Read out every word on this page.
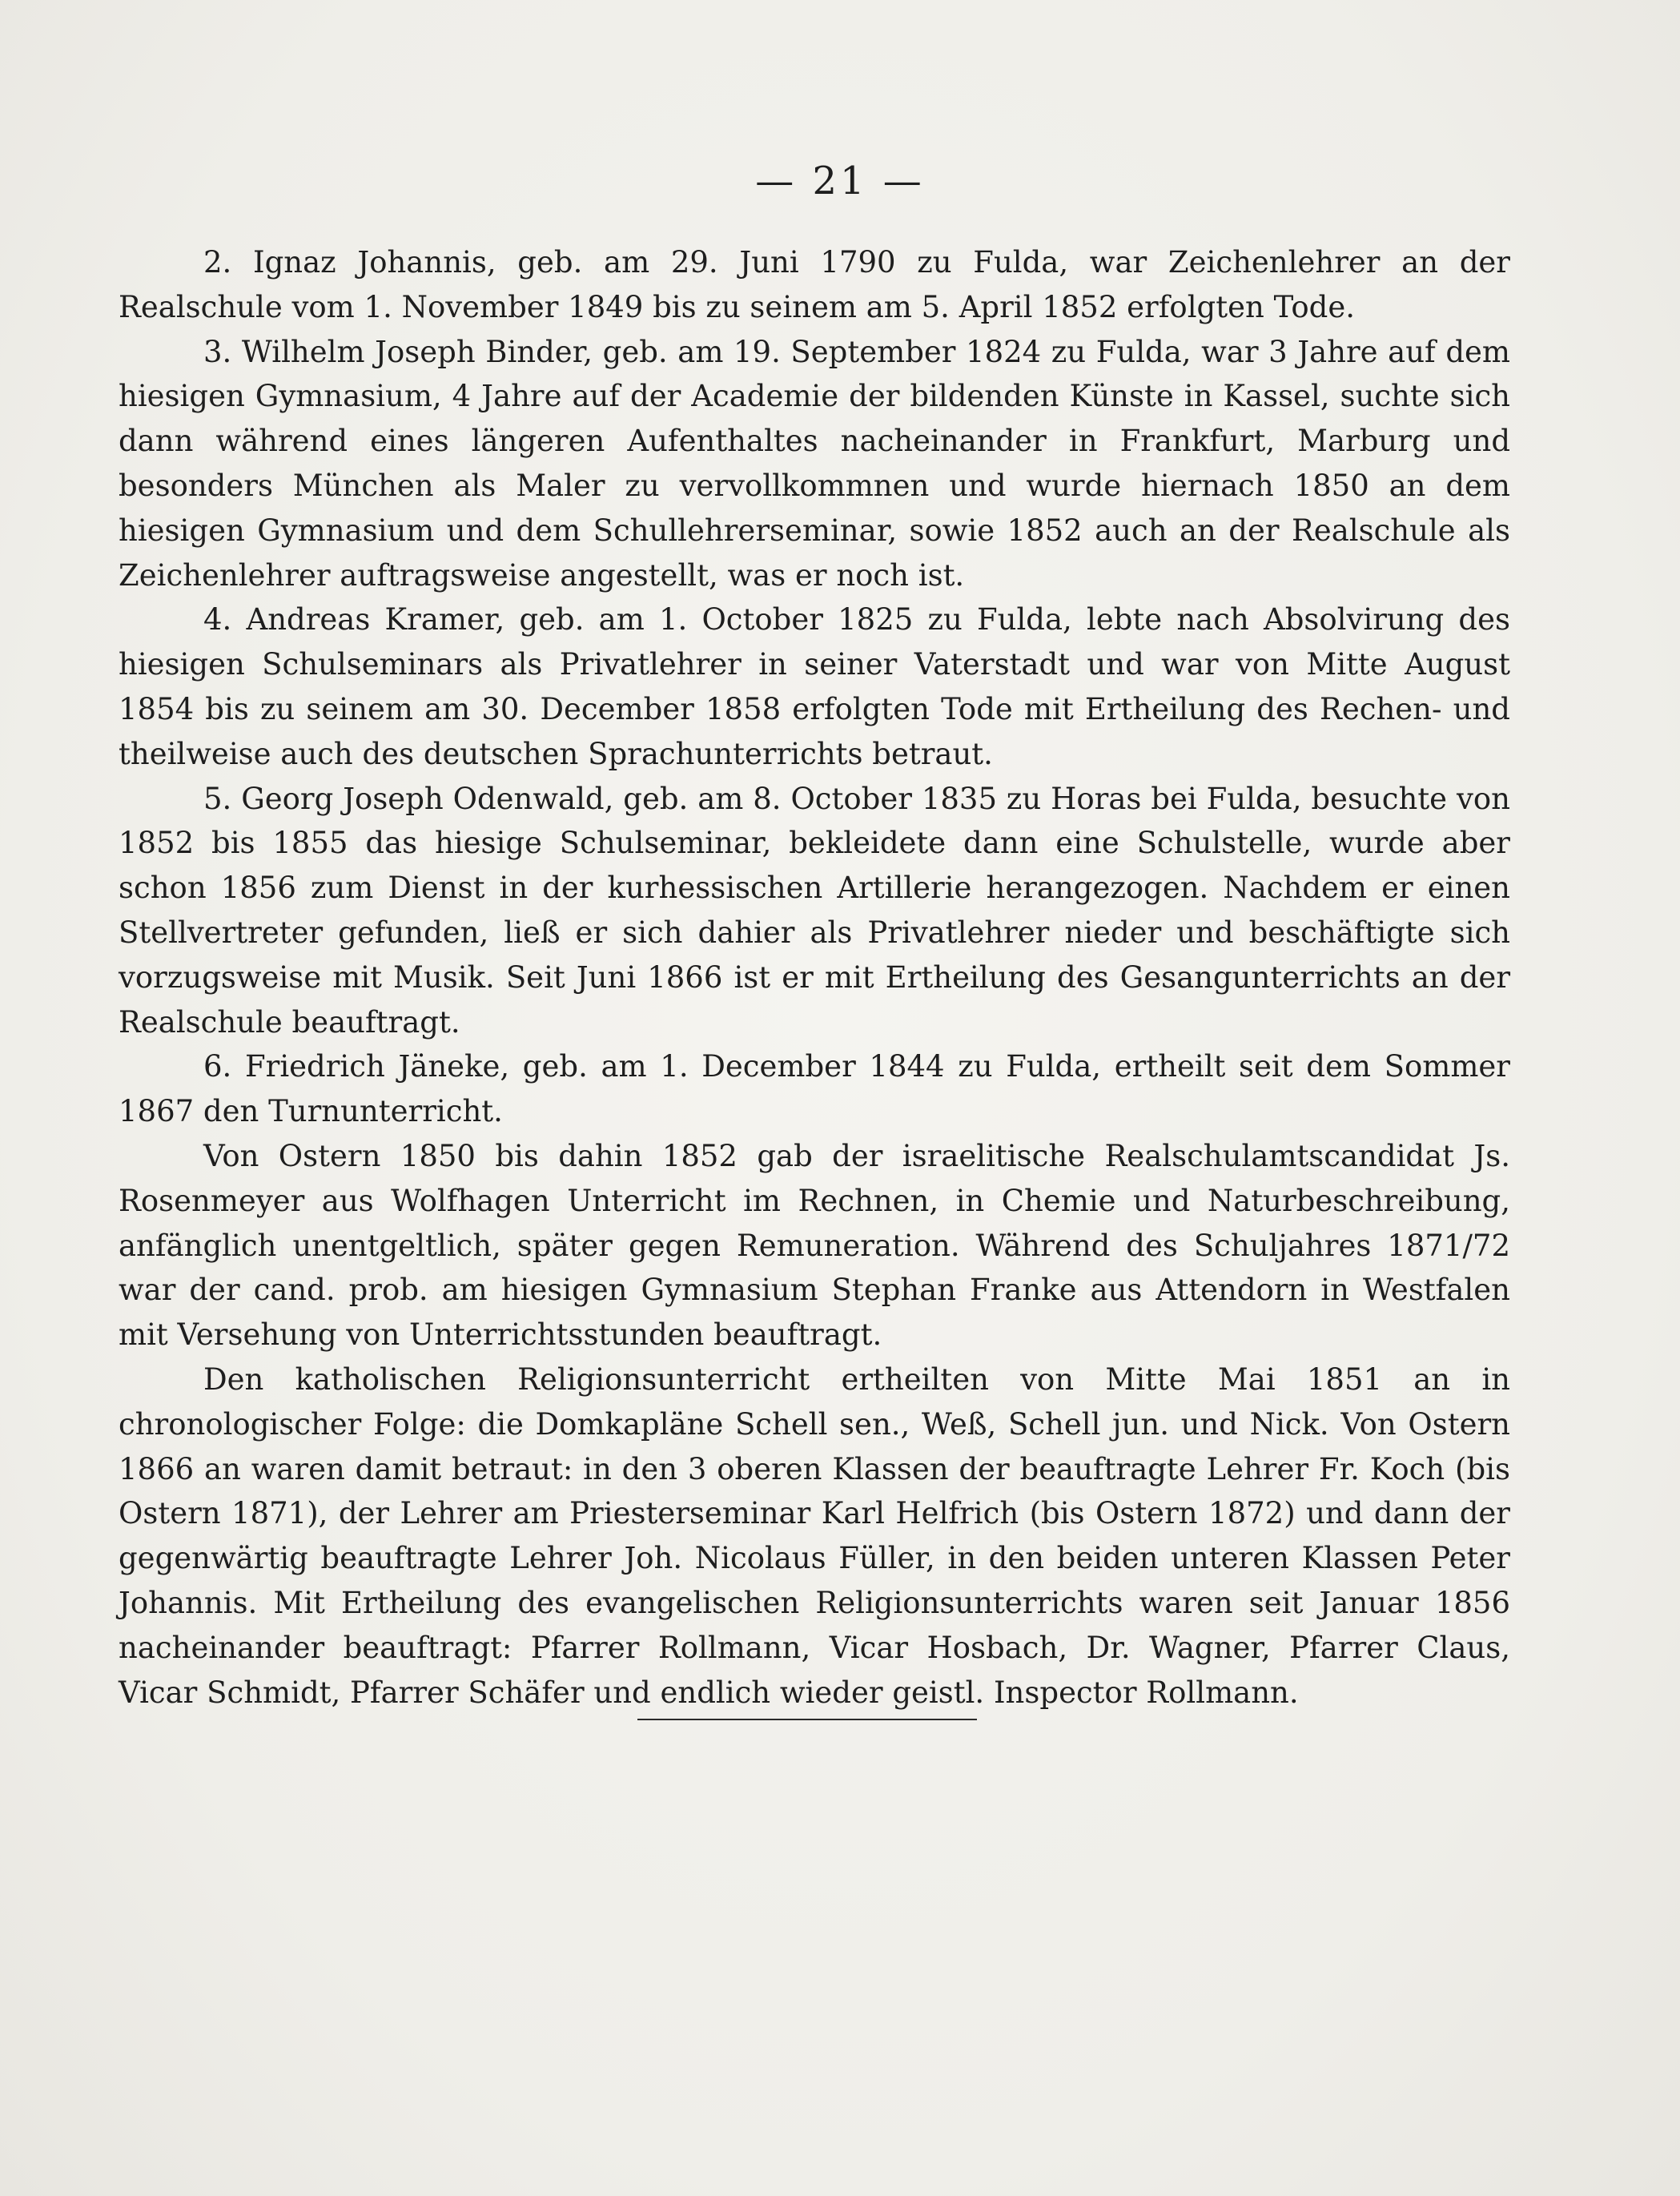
— 21 —

2. Ignaz Johannis, geb. am 29. Juni 1790 zu Fulda, war Zeichenlehrer an der Realschule vom 1. November 1849 bis zu seinem am 5. April 1852 erfolgten Tode.

3. Wilhelm Joseph Binder, geb. am 19. September 1824 zu Fulda, war 3 Jahre auf dem hiesigen Gymnasium, 4 Jahre auf der Academie der bildenden Künste in Kassel, suchte sich dann während eines längeren Aufenthaltes nacheinander in Frankfurt, Marburg und besonders München als Maler zu vervollkommnen und wurde hiernach 1850 an dem hiesigen Gymnasium und dem Schullehrerseminar, sowie 1852 auch an der Realschule als Zeichenlehrer auftragsweise angestellt, was er noch ist.

4. Andreas Kramer, geb. am 1. October 1825 zu Fulda, lebte nach Absolvirung des hiesigen Schulseminars als Privatlehrer in seiner Vaterstadt und war von Mitte August 1854 bis zu seinem am 30. December 1858 erfolgten Tode mit Ertheilung des Rechen- und theilweise auch des deutschen Sprachunterrichts betraut.

5. Georg Joseph Odenwald, geb. am 8. October 1835 zu Horas bei Fulda, besuchte von 1852 bis 1855 das hiesige Schulseminar, bekleidete dann eine Schulstelle, wurde aber schon 1856 zum Dienst in der kurhessischen Artillerie herangezogen. Nachdem er einen Stellvertreter gefunden, ließ er sich dahier als Privatlehrer nieder und beschäftigte sich vorzugsweise mit Musik. Seit Juni 1866 ist er mit Ertheilung des Gesangunterrichts an der Realschule beauftragt.

6. Friedrich Jäneke, geb. am 1. December 1844 zu Fulda, ertheilt seit dem Sommer 1867 den Turnunterricht.

Von Ostern 1850 bis dahin 1852 gab der israelitische Realschulamtscandidat Js. Rosenmeyer aus Wolfhagen Unterricht im Rechnen, in Chemie und Naturbeschreibung, anfänglich unentgeltlich, später gegen Remuneration. Während des Schuljahres 1871/72 war der cand. prob. am hiesigen Gymnasium Stephan Franke aus Attendorn in Westfalen mit Versehung von Unterrichtsstunden beauftragt.

Den katholischen Religionsunterricht ertheilten von Mitte Mai 1851 an in chronologischer Folge: die Domkapläne Schell sen., Weß, Schell jun. und Nick. Von Ostern 1866 an waren damit betraut: in den 3 oberen Klassen der beauftragte Lehrer Fr. Koch (bis Ostern 1871), der Lehrer am Priesterseminar Karl Helfrich (bis Ostern 1872) und dann der gegenwärtig beauftragte Lehrer Joh. Nicolaus Füller, in den beiden unteren Klassen Peter Johannis. Mit Ertheilung des evangelischen Religionsunterrichts waren seit Januar 1856 nacheinander beauftragt: Pfarrer Rollmann, Vicar Hosbach, Dr. Wagner, Pfarrer Claus, Vicar Schmidt, Pfarrer Schäfer und endlich wieder geistl. Inspector Rollmann.
